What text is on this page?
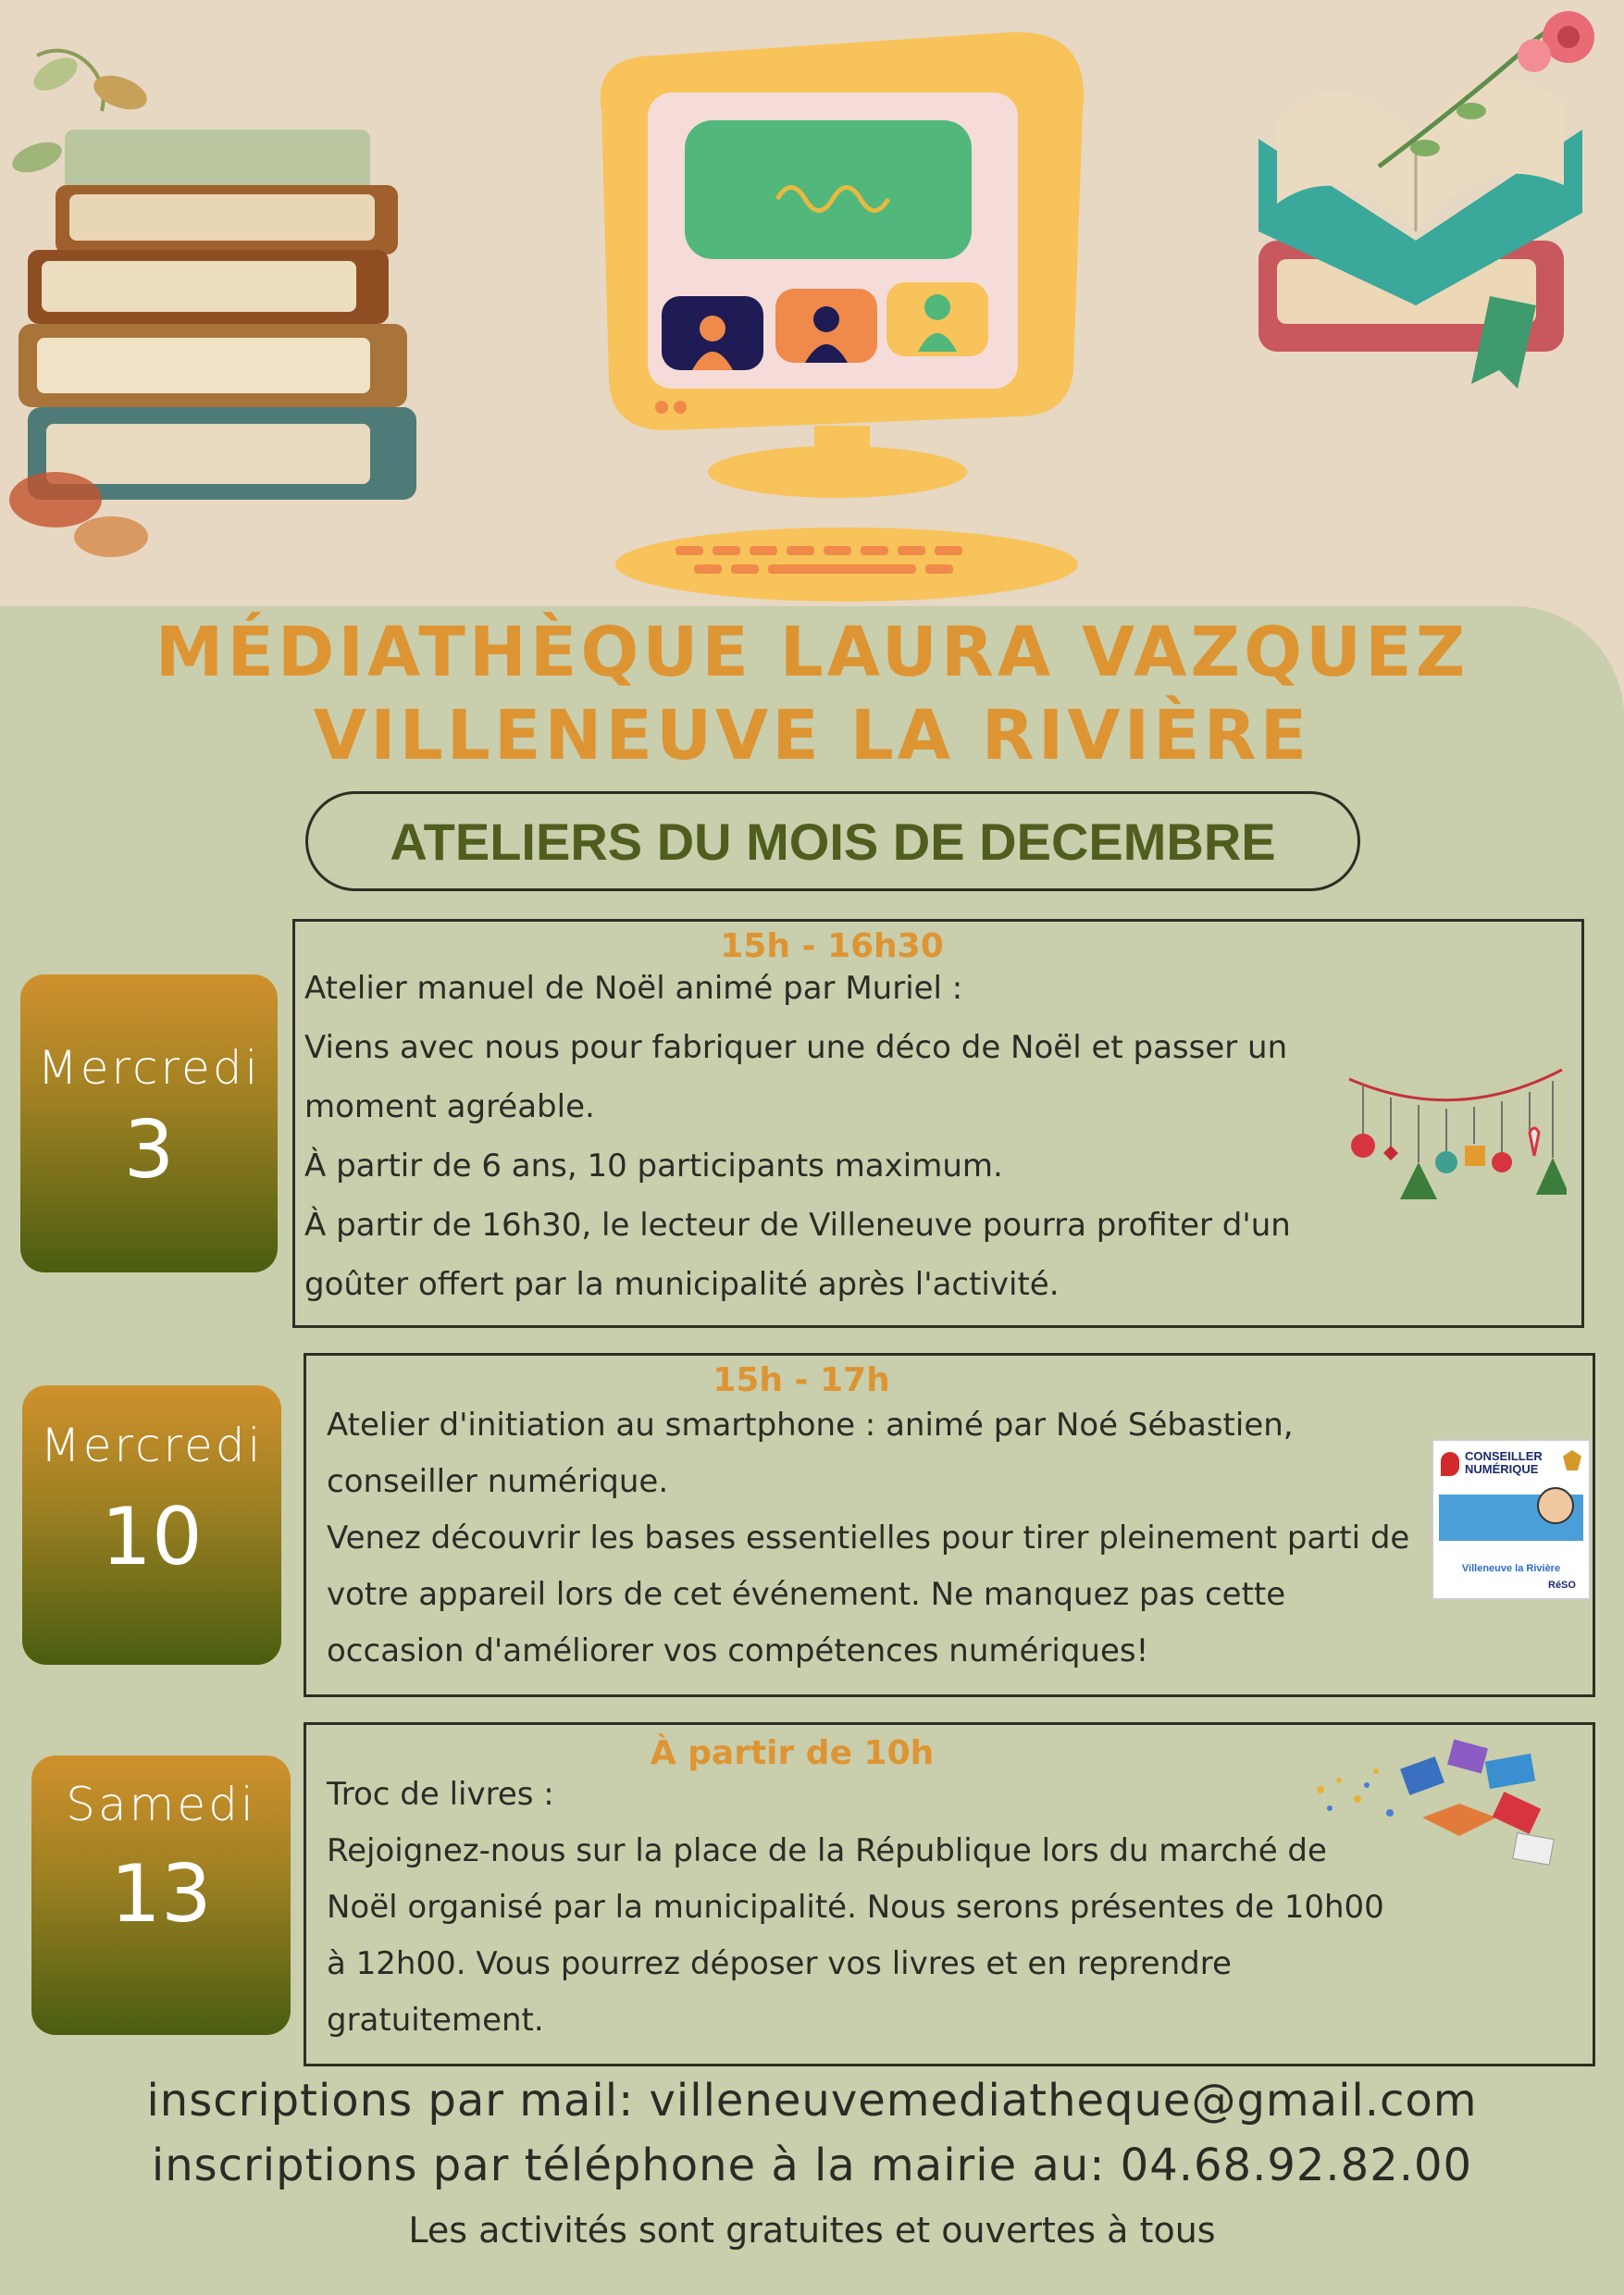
MÉDIATHÈQUE LAURA VAZQUEZ
VILLENEUVE LA RIVIÈRE
ATELIERS DU MOIS DE DECEMBRE
Mercredi
3
15h - 16h30

Atelier manuel de Noël animé par Muriel :

Viens avec nous pour fabriquer une déco de Noël et passer un

moment agréable.

À partir de 6 ans, 10 participants maximum.

À partir de 16h30, le lecteur de Villeneuve pourra profiter d'un

goûter offert par la municipalité après l'activité.

Mercredi
10
15h - 17h

Atelier d'initiation au smartphone : animé par Noé Sébastien,

conseiller numérique.

Venez découvrir les bases essentielles pour tirer pleinement parti de

votre appareil lors de cet événement. Ne manquez pas cette

occasion d'améliorer vos compétences numériques!

CONSEILLER
NUMÉRIQUE
Villeneuve la Rivière
RéSO
Samedi
13
À partir de 10h

Troc de livres :

Rejoignez-nous sur la place de la République lors du marché de

Noël organisé par la municipalité. Nous serons présentes de 10h00

à 12h00. Vous pourrez déposer vos livres et en reprendre

gratuitement.

inscriptions par mail: villeneuvemediatheque@gmail.com
inscriptions par téléphone à la mairie au: 04.68.92.82.00
Les activités sont gratuites et ouvertes à tous
